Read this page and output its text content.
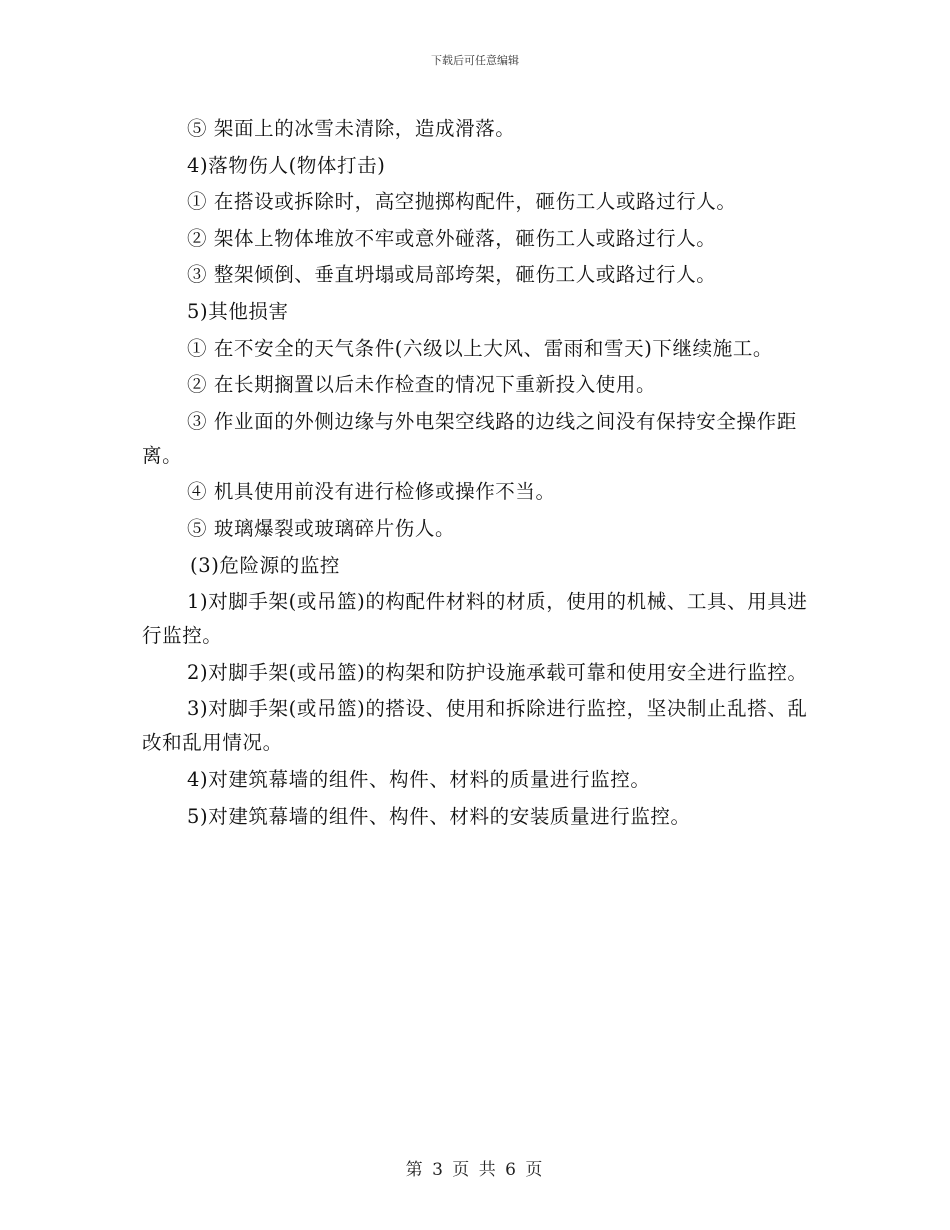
下载后可任意编辑

⑤ 架面上的冰雪未清除，造成滑落。

4)落物伤人(物体打击)

① 在搭设或拆除时，高空抛掷构配件，砸伤工人或路过行人。

② 架体上物体堆放不牢或意外碰落，砸伤工人或路过行人。

③ 整架倾倒、垂直坍塌或局部垮架，砸伤工人或路过行人。

5)其他损害

① 在不安全的天气条件(六级以上大风、雷雨和雪天)下继续施工。

② 在长期搁置以后未作检查的情况下重新投入使用。

③ 作业面的外侧边缘与外电架空线路的边线之间没有保持安全操作距离。

④ 机具使用前没有进行检修或操作不当。

⑤ 玻璃爆裂或玻璃碎片伤人。

(3)危险源的监控

1)对脚手架(或吊篮)的构配件材料的材质，使用的机械、工具、用具进行监控。

2)对脚手架(或吊篮)的构架和防护设施承载可靠和使用安全进行监控。

3)对脚手架(或吊篮)的搭设、使用和拆除进行监控，坚决制止乱搭、乱改和乱用情况。

4)对建筑幕墙的组件、构件、材料的质量进行监控。

5)对建筑幕墙的组件、构件、材料的安装质量进行监控。

第 3 页 共 6 页
